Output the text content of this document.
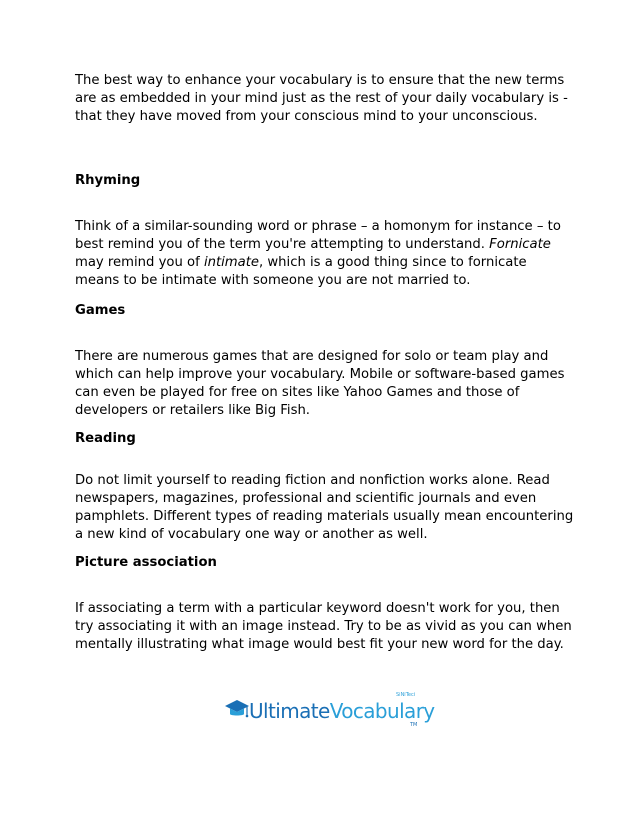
The best way to enhance your vocabulary is to ensure that the new terms are as embedded in your mind just as the rest of your daily vocabulary is - that they have moved from your conscious mind to your unconscious.

Rhyming

Think of a similar-sounding word or phrase – a homonym for instance – to best remind you of the term you're attempting to understand. Fornicate may remind you of intimate, which is a good thing since to fornicate means to be intimate with someone you are not married to.

Games

There are numerous games that are designed for solo or team play and which can help improve your vocabulary. Mobile or software-based games can even be played for free on sites like Yahoo Games and those of developers or retailers like Big Fish.

Reading

Do not limit yourself to reading fiction and nonfiction works alone. Read newspapers, magazines, professional and scientific journals and even pamphlets. Different types of reading materials usually mean encountering a new kind of vocabulary one way or another as well.

Picture association

If associating a term with a particular keyword doesn't work for you, then try associating it with an image instead. Try to be as vivid as you can when mentally illustrating what image would best fit your new word for the day.

UltimateVocabulary
SiNiTeci
TM
